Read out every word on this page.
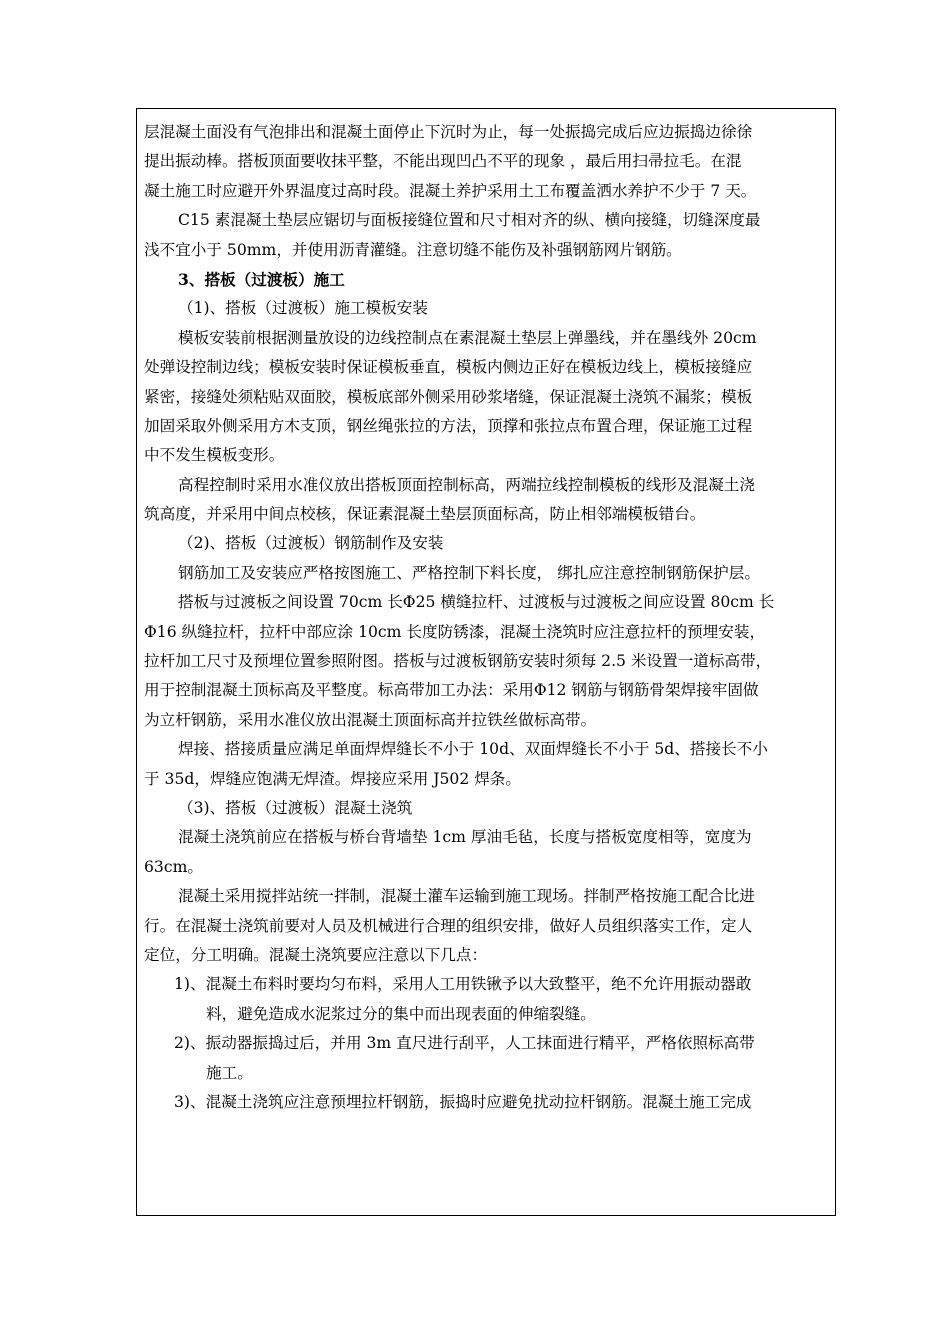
层混凝土面没有气泡排出和混凝土面停止下沉时为止，每一处振捣完成后应边振捣边徐徐
提出振动棒。搭板顶面要收抹平整，不能出现凹凸不平的现象 ，最后用扫帚拉毛。在混
凝土施工时应避开外界温度过高时段。混凝土养护采用土工布覆盖洒水养护不少于 7 天。
C15 素混凝土垫层应锯切与面板接缝位置和尺寸相对齐的纵、横向接缝，切缝深度最
浅不宜小于 50mm，并使用沥青灌缝。注意切缝不能伤及补强钢筋网片钢筋。
3、搭板（过渡板）施工
（1)、搭板（过渡板）施工模板安装
模板安装前根据测量放设的边线控制点在素混凝土垫层上弹墨线，并在墨线外 20cm
处弹设控制边线；模板安装时保证模板垂直，模板内侧边正好在模板边线上，模板接缝应
紧密，接缝处须粘贴双面胶，模板底部外侧采用砂浆堵缝，保证混凝土浇筑不漏浆；模板
加固采取外侧采用方木支顶，钢丝绳张拉的方法，顶撑和张拉点布置合理，保证施工过程
中不发生模板变形。
高程控制时采用水准仪放出搭板顶面控制标高，两端拉线控制模板的线形及混凝土浇
筑高度，并采用中间点校核，保证素混凝土垫层顶面标高，防止相邻端模板错台。
（2)、搭板（过渡板）钢筋制作及安装
钢筋加工及安装应严格按图施工、严格控制下料长度， 绑扎应注意控制钢筋保护层。
搭板与过渡板之间设置 70cm 长Φ25 横缝拉杆、过渡板与过渡板之间应设置 80cm 长
Φ16 纵缝拉杆，拉杆中部应涂 10cm 长度防锈漆，混凝土浇筑时应注意拉杆的预埋安装，
拉杆加工尺寸及预埋位置参照附图。搭板与过渡板钢筋安装时须每 2.5 米设置一道标高带，
用于控制混凝土顶标高及平整度。标高带加工办法：采用Φ12 钢筋与钢筋骨架焊接牢固做
为立杆钢筋，采用水准仪放出混凝土顶面标高并拉铁丝做标高带。
焊接、搭接质量应满足单面焊焊缝长不小于 10d、双面焊缝长不小于 5d、搭接长不小
于 35d，焊缝应饱满无焊渣。焊接应采用 J502 焊条。
（3)、搭板（过渡板）混凝土浇筑
混凝土浇筑前应在搭板与桥台背墙垫 1cm 厚油毛毡，长度与搭板宽度相等，宽度为
63cm。
混凝土采用搅拌站统一拌制，混凝土灌车运输到施工现场。拌制严格按施工配合比进
行。在混凝土浇筑前要对人员及机械进行合理的组织安排，做好人员组织落实工作，定人
定位，分工明确。混凝土浇筑要应注意以下几点：
1)、混凝土布料时要均匀布料，采用人工用铁锹予以大致整平，绝不允许用振动器敢
料，避免造成水泥浆过分的集中而出现表面的伸缩裂缝。
2)、振动器振捣过后，并用 3m 直尺进行刮平，人工抹面进行精平，严格依照标高带
施工。
3)、混凝土浇筑应注意预埋拉杆钢筋，振捣时应避免扰动拉杆钢筋。混凝土施工完成
